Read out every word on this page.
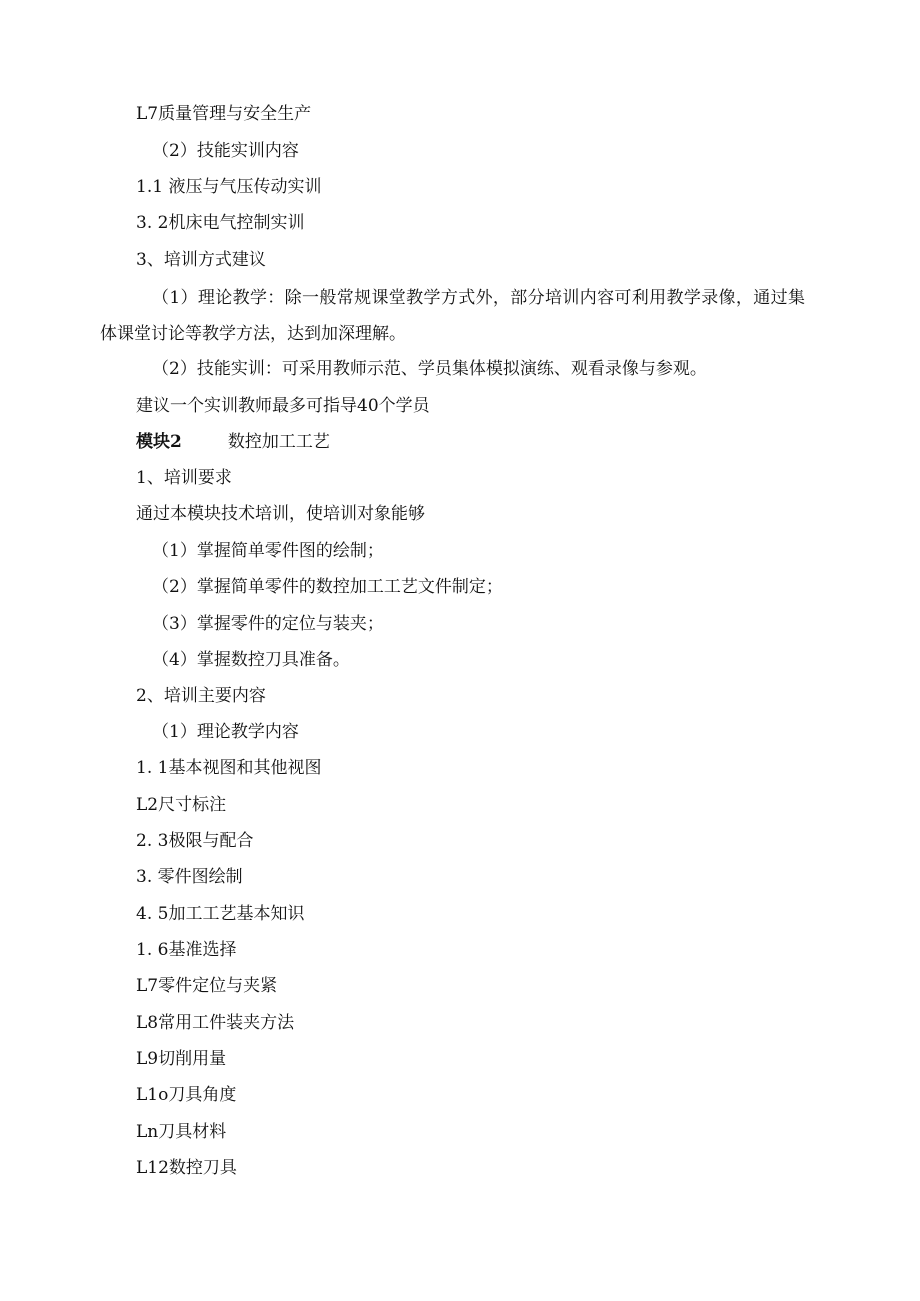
L7质量管理与安全生产
（2）技能实训内容
1.1 液压与气压传动实训
3. 2机床电气控制实训
3、培训方式建议
（1）理论教学：除一般常规课堂教学方式外，部分培训内容可利用教学录像，通过集体课堂讨论等教学方法，达到加深理解。
（2）技能实训：可采用教师示范、学员集体模拟演练、观看录像与参观。
建议一个实训教师最多可指导40个学员
模块2	数控加工工艺
1、培训要求
通过本模块技术培训，使培训对象能够
（1）掌握简单零件图的绘制；
（2）掌握简单零件的数控加工工艺文件制定；
（3）掌握零件的定位与装夹；
（4）掌握数控刀具准备。
2、培训主要内容
（1）理论教学内容
1. 1基本视图和其他视图
L2尺寸标注
2. 3极限与配合
3. 零件图绘制
4. 5加工工艺基本知识
1. 6基准选择
L7零件定位与夹紧
L8常用工件装夹方法
L9切削用量
L1o刀具角度
Ln刀具材料
L12数控刀具
